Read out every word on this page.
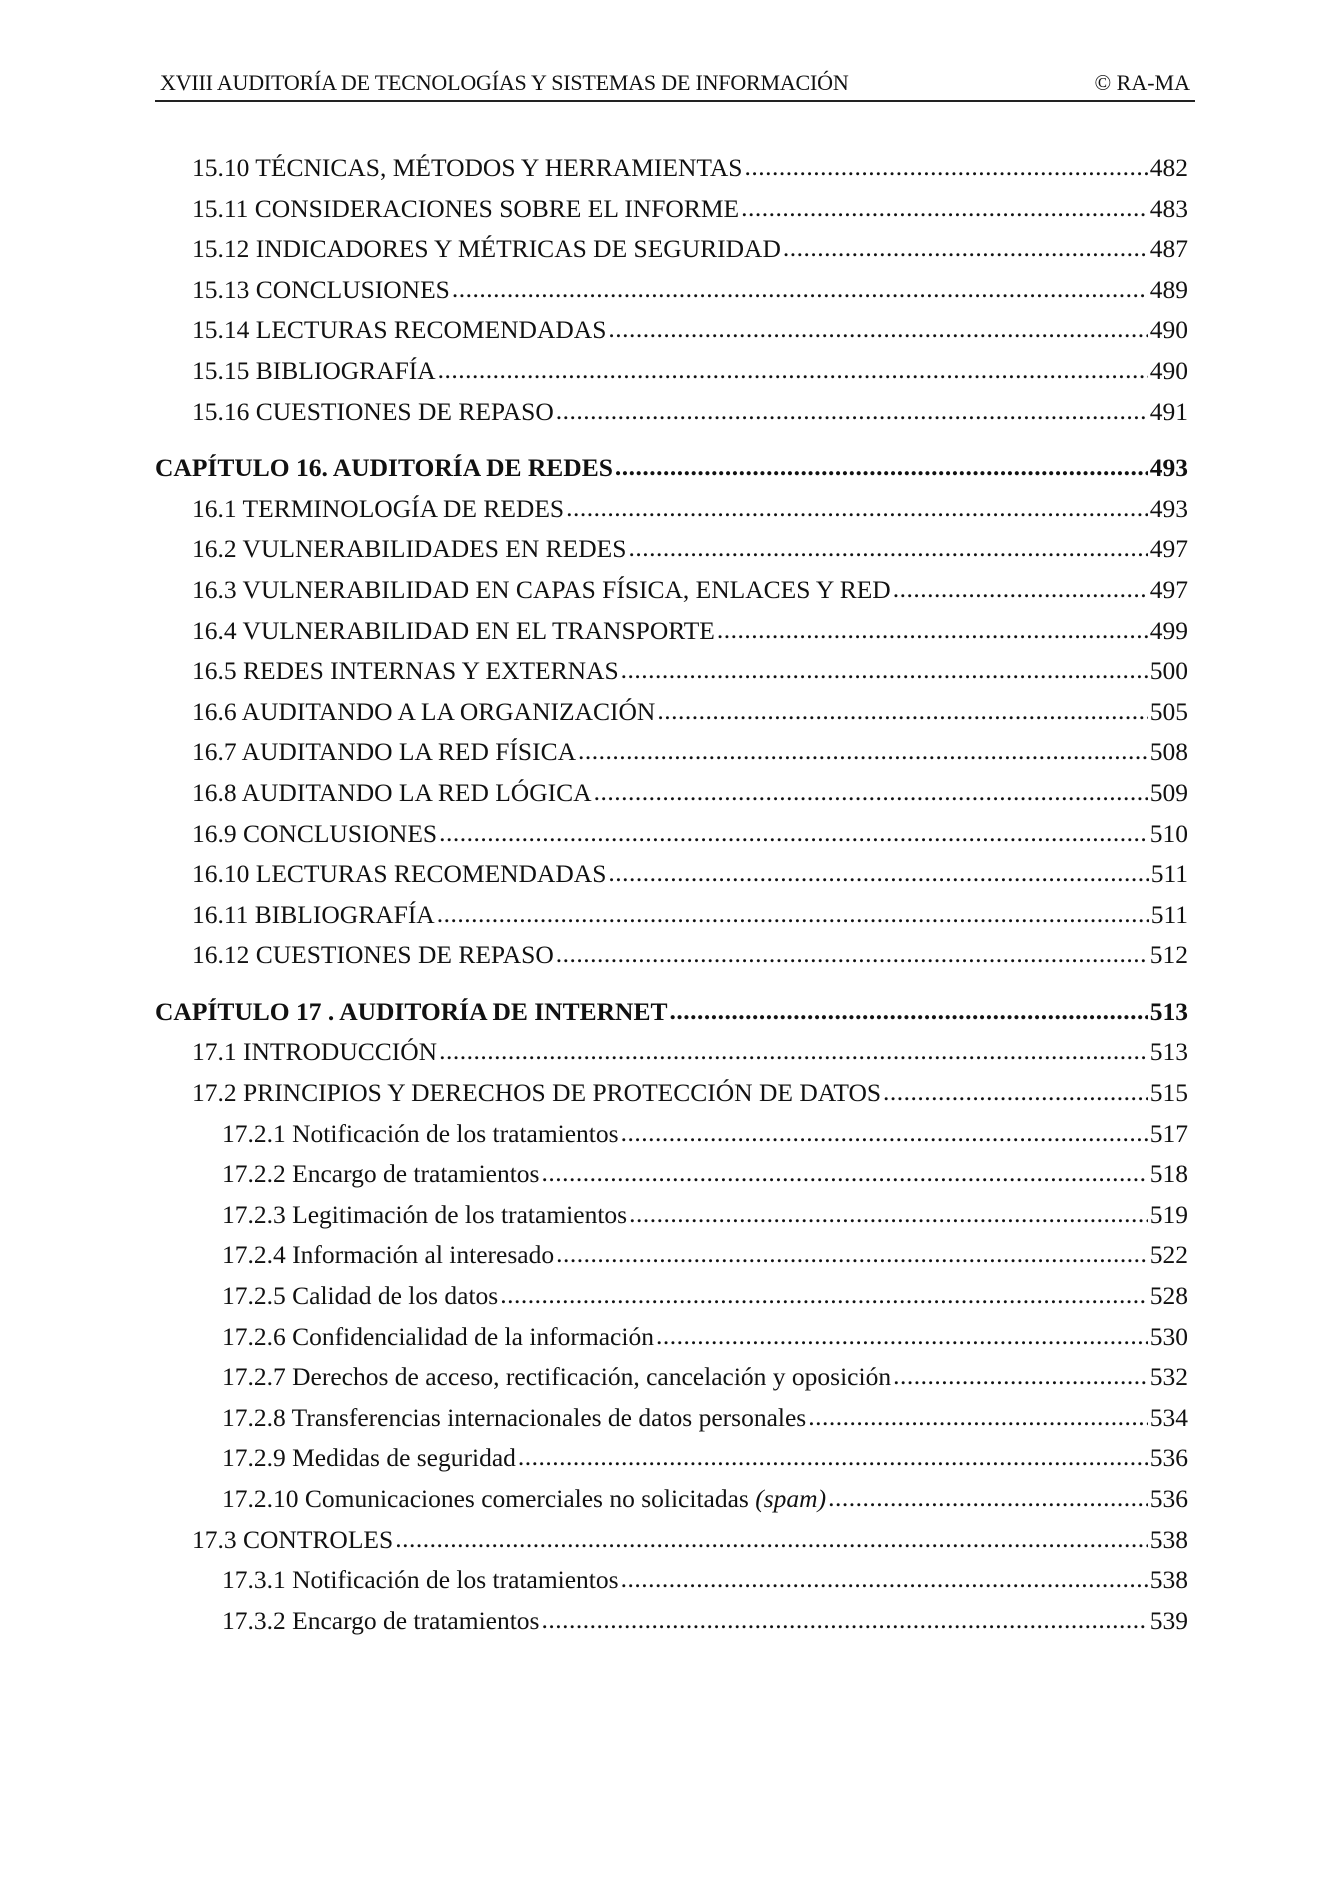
XVIII AUDITORÍA DE TECNOLOGÍAS Y SISTEMAS DE INFORMACIÓN	© RA-MA
15.10 TÉCNICAS, MÉTODOS Y HERRAMIENTAS .....	482
15.11 CONSIDERACIONES SOBRE EL INFORME .....	483
15.12 INDICADORES Y MÉTRICAS DE SEGURIDAD .....	487
15.13 CONCLUSIONES .....	489
15.14 LECTURAS RECOMENDADAS .....	490
15.15 BIBLIOGRAFÍA .....	490
15.16 CUESTIONES DE REPASO .....	491
CAPÍTULO 16. AUDITORÍA DE REDES .....	493
16.1 TERMINOLOGÍA DE REDES .....	493
16.2 VULNERABILIDADES EN REDES .....	497
16.3 VULNERABILIDAD EN CAPAS FÍSICA, ENLACES Y RED .....	497
16.4 VULNERABILIDAD EN EL TRANSPORTE .....	499
16.5 REDES INTERNAS Y EXTERNAS .....	500
16.6 AUDITANDO A LA ORGANIZACIÓN .....	505
16.7 AUDITANDO LA RED FÍSICA .....	508
16.8 AUDITANDO LA RED LÓGICA .....	509
16.9 CONCLUSIONES .....	510
16.10 LECTURAS RECOMENDADAS .....	511
16.11 BIBLIOGRAFÍA .....	511
16.12 CUESTIONES DE REPASO .....	512
CAPÍTULO 17 . AUDITORÍA DE INTERNET .....	513
17.1 INTRODUCCIÓN .....	513
17.2 PRINCIPIOS Y DERECHOS DE PROTECCIÓN DE DATOS .....	515
17.2.1 Notificación de los tratamientos .....	517
17.2.2 Encargo de tratamientos .....	518
17.2.3 Legitimación de los tratamientos .....	519
17.2.4 Información al interesado .....	522
17.2.5 Calidad de los datos .....	528
17.2.6 Confidencialidad de la información .....	530
17.2.7 Derechos de acceso, rectificación, cancelación y oposición .....	532
17.2.8 Transferencias internacionales de datos personales .....	534
17.2.9 Medidas de seguridad .....	536
17.2.10 Comunicaciones comerciales no solicitadas (spam) .....	536
17.3 CONTROLES .....	538
17.3.1 Notificación de los tratamientos .....	538
17.3.2 Encargo de tratamientos .....	539
